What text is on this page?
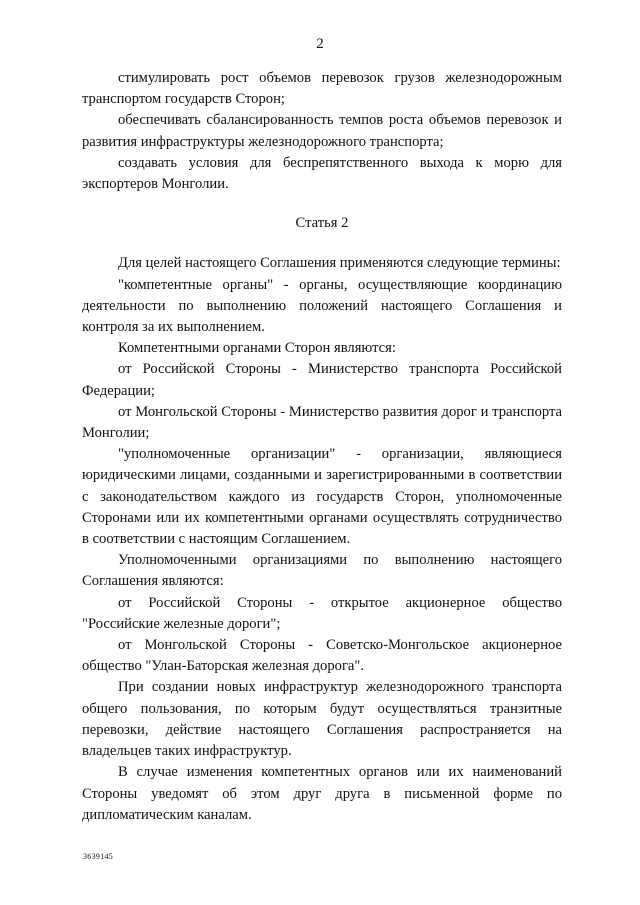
2

стимулировать рост объемов перевозок грузов железнодорожным транспортом государств Сторон;

обеспечивать сбалансированность темпов роста объемов перевозок и развития инфраструктуры железнодорожного транспорта;

создавать условия для беспрепятственного выхода к морю для экспортеров Монголии.

Статья 2

Для целей настоящего Соглашения применяются следующие термины:

"компетентные органы" - органы, осуществляющие координацию деятельности по выполнению положений настоящего Соглашения и контроля за их выполнением.

Компетентными органами Сторон являются:

от Российской Стороны - Министерство транспорта Российской Федерации;

от Монгольской Стороны - Министерство развития дорог и транспорта Монголии;

"уполномоченные организации" - организации, являющиеся юридическими лицами, созданными и зарегистрированными в соответствии с законодательством каждого из государств Сторон, уполномоченные Сторонами или их компетентными органами осуществлять сотрудничество в соответствии с настоящим Соглашением.

Уполномоченными организациями по выполнению настоящего Соглашения являются:

от Российской Стороны - открытое акционерное общество "Российские железные дороги";

от Монгольской Стороны - Советско-Монгольское акционерное общество "Улан-Баторская железная дорога".

При создании новых инфраструктур железнодорожного транспорта общего пользования, по которым будут осуществляться транзитные перевозки, действие настоящего Соглашения распространяется на владельцев таких инфраструктур.

В случае изменения компетентных органов или их наименований Стороны уведомят об этом друг друга в письменной форме по дипломатическим каналам.

3639145
